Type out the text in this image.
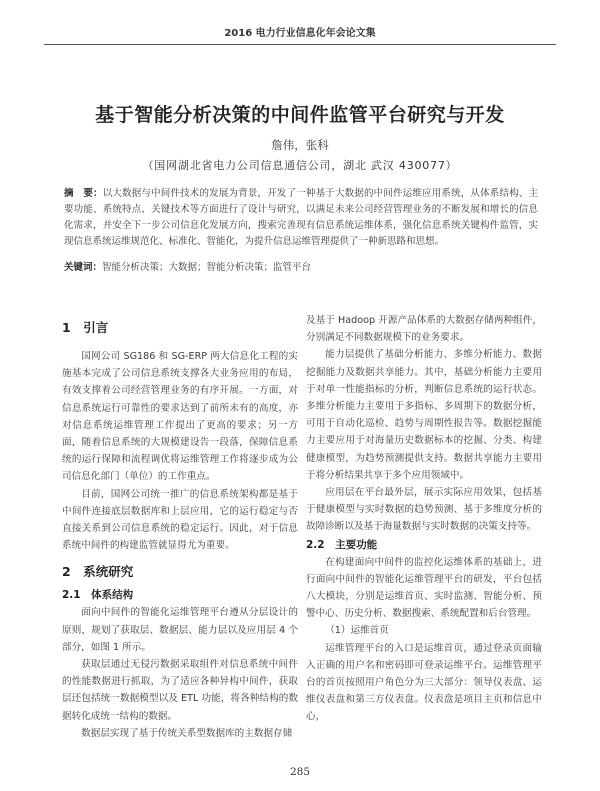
2016 电力行业信息化年会论文集
基于智能分析决策的中间件监管平台研究与开发
詹伟，张科
（国网湖北省电力公司信息通信公司，湖北 武汉 430077）
摘　要：以大数据与中间件技术的发展为背景，开发了一种基于大数据的中间件运维应用系统，从体系结构、主要功能、系统特点、关键技术等方面进行了设计与研究，以满足未来公司经营管理业务的不断发展和增长的信息化需求，并安全下一步公司信息化发展方向，搜索完善现有信息系统运维体系，强化信息系统关键构件监管，实现信息系统运维规范化、标准化、智能化，为提升信息运维管理提供了一种新思路和思想。
关键词：智能分析决策；大数据；智能分析决策；监管平台
1　引言

国网公司 SG186 和 SG-ERP 两大信息化工程的实施基本完成了公司信息系统支撑各大业务应用的布局，有效支撑着公司经营管理业务的有序开展。一方面，对信息系统运行可靠性的要求达到了前所未有的高度，亦对信息系统运维管理工作提出了更高的要求；另一方面，随着信息系统的大规模建设告一段落，保障信息系统的运行保障和流程调优将运维管理工作将逐步成为公司信息化部门（单位）的工作重点。

目前，国网公司统一推广的信息系统架构都是基于中间件连接底层数据库和上层应用，它的运行稳定与否直接关系到公司信息系统的稳定运行。因此，对于信息系统中间件的构建监管就显得尤为重要。

2　系统研究
2.1　体系结构

面向中间件的智能化运维管理平台遵从分层设计的原则，规划了获取层、数据层、能力层以及应用层 4 个部分，如图 1 所示。

获取层通过无侵污数据采取组件对信息系统中间件的性能数据进行抓取，为了适应各种异构中间件，获取层还包括统一数据模型以及 ETL 功能，将各种结构的数据转化成统一结构的数据。

数据层实现了基于传统关系型数据库的主数据存储

及基于 Hadoop 开源产品体系的大数据存储两种组件，分别满足不同数据规模下的业务要求。

能力层提供了基础分析能力、多维分析能力、数据挖掘能力及数据共享能力。其中，基础分析能力主要用于对单一性能指标的分析，判断信息系统的运行状态。多维分析能力主要用于多指标、多周期下的数据分析，可用于自动化巡检、趋势与周期性报告等。数据挖掘能力主要应用于对海量历史数据标本的挖掘、分类、构建健康模型，为趋势预测提供支持。数据共享能力主要用于将分析结果共享于多个应用领域中。

应用层在平台最外层，展示实际应用效果，包括基于健康模型与实时数据的趋势预测、基于多维度分析的故障诊断以及基于海量数据与实时数据的决策支持等。

2.2　主要功能

在构建面向中间件的监控化运维体系的基础上，进行面向中间件的智能化运维管理平台的研发，平台包括八大模块，分别是运维首页、实时监测、智能分析、预警中心、历史分析、数据搜索、系统配置和后台管理。

（1）运维首页

运维管理平台的入口是运维首页，通过登录页面输入正确的用户名和密码即可登录运维平台。运维管理平台的首页按照用户角色分为三大部分：领导仪表盘、运维仪表盘和第三方仪表盘。仪表盘是项目主页和信息中心，

285
